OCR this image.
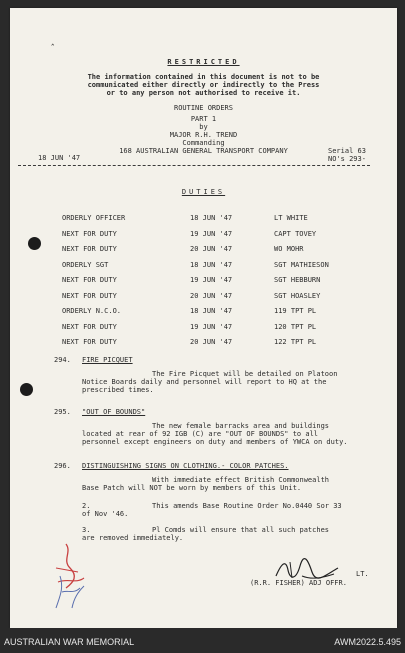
ˆ
RESTRICTED
The information contained in this document is not to be
communicated either directly or indirectly to the Press
or to any person not authorised to receive it.
ROUTINE ORDERS
PART 1
by
MAJOR R.H. TREND
Commanding
168 AUSTRALIAN GENERAL TRANSPORT COMPANY
18 JUN '47
Serial 63
NO's 293-
DUTIES
ORDERLY OFFICER	18 JUN '47	LT WHITE
NEXT FOR DUTY	19 JUN '47	CAPT TOVEY
NEXT FOR DUTY	20 JUN '47	WO MOHR
ORDERLY SGT	18 JUN '47	SGT MATHIESON
NEXT FOR DUTY	19 JUN '47	SGT HEBBURN
NEXT FOR DUTY	20 JUN '47	SGT HOASLEY
ORDERLY N.C.O.	18 JUN '47	119 TPT PL
NEXT FOR DUTY	19 JUN '47	120 TPT PL
NEXT FOR DUTY	20 JUN '47	122 TPT PL
294. FIRE PICQUET
The Fire Picquet will be detailed on Platoon
Notice Boards daily and personnel will report to HQ at the
prescribed times.
295. "OUT OF BOUNDS"
The new female barracks area and buildings
located at rear of 92 IGB (C) are "OUT OF BOUNDS" to all
personnel except engineers on duty and members of YWCA on duty.
296. DISTINGUISHING SIGNS ON CLOTHING.- COLOR PATCHES.
With immediate effect British Commonwealth
Base Patch will NOT be worn by members of this Unit.
2.	This amends Base Routine Order No.0440 Sor 33
of Nov '46.
3.	Pl Comds will ensure that all such patches
are removed immediately.
LT.
(R.R. FISHER) ADJ OFFR.
AUSTRALIAN WAR MEMORIAL	AWM2022.5.495
